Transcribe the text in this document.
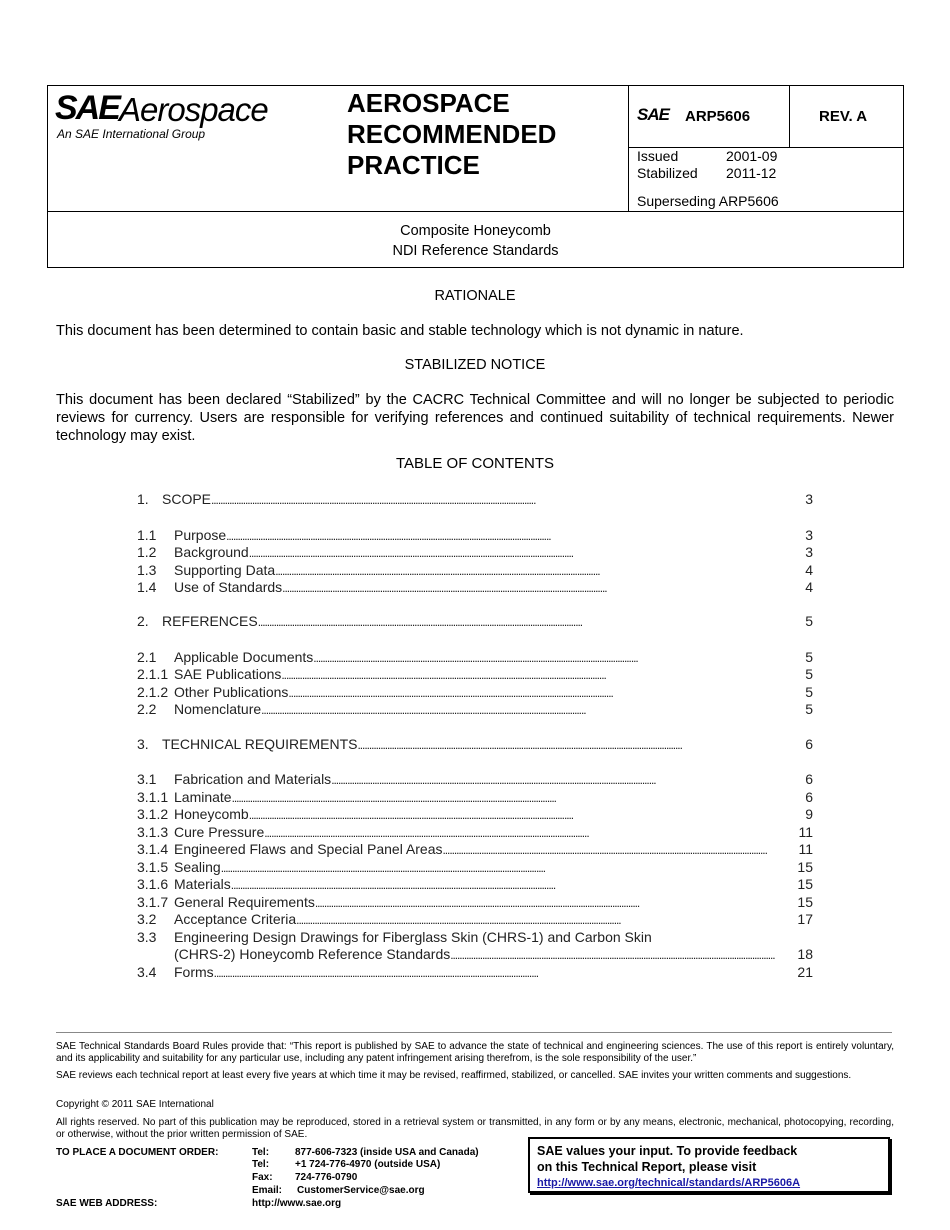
SAE Aerospace
An SAE International Group
AEROSPACE
RECOMMENDED
PRACTICE
SAE ARP5606	REV. A
Issued	2001-09
Stabilized 2011-12
Superseding ARP5606
Composite Honeycomb
NDI Reference Standards
RATIONALE
This document has been determined to contain basic and stable technology which is not dynamic in nature.
STABILIZED NOTICE
This document has been declared “Stabilized” by the CACRC Technical Committee and will no longer be subjected to periodic reviews for currency. Users are responsible for verifying references and continued suitability of technical requirements. Newer technology may exist.
TABLE OF CONTENTS
1. SCOPE . . .	3
1.1	Purpose . . .	3
1.2	Background . . .	3
1.3	Supporting Data . . .	4
1.4	Use of Standards . . .	4
2. REFERENCES . . .	5
2.1	Applicable Documents . . .	5
2.1.1 SAE Publications . . .	5
2.1.2 Other Publications . . .	5
2.2	Nomenclature . . .	5
3. TECHNICAL REQUIREMENTS . . .	6
3.1	Fabrication and Materials . . .	6
3.1.1 Laminate . . .	6
3.1.2 Honeycomb . . .	9
3.1.3 Cure Pressure . . .	11
3.1.4 Engineered Flaws and Special Panel Areas . . .	11
3.1.5 Sealing . . .	15
3.1.6 Materials . . .	15
3.1.7 General Requirements . . .	15
3.2	Acceptance Criteria . . .	17
3.3	Engineering Design Drawings for Fiberglass Skin (CHRS-1) and Carbon Skin
(CHRS-2) Honeycomb Reference Standards . . .	18
3.4	Forms . . .	21
SAE Technical Standards Board Rules provide that: “This report is published by SAE to advance the state of technical and engineering sciences. The use of this report is entirely voluntary, and its applicability and suitability for any particular use, including any patent infringement arising therefrom, is the sole responsibility of the user.”
SAE reviews each technical report at least every five years at which time it may be revised, reaffirmed, stabilized, or cancelled. SAE invites your written comments and suggestions.
Copyright © 2011 SAE International
All rights reserved. No part of this publication may be reproduced, stored in a retrieval system or transmitted, in any form or by any means, electronic, mechanical, photocopying, recording, or otherwise, without the prior written permission of SAE.
TO PLACE A DOCUMENT ORDER:	Tel:	877-606-7323 (inside USA and Canada)
Tel:	+1 724-776-4970 (outside USA)
Fax: 724-776-0790
Email: CustomerService@sae.org
SAE WEB ADDRESS:	http://www.sae.org
SAE values your input. To provide feedback
on this Technical Report, please visit
http://www.sae.org/technical/standards/ARP5606A
